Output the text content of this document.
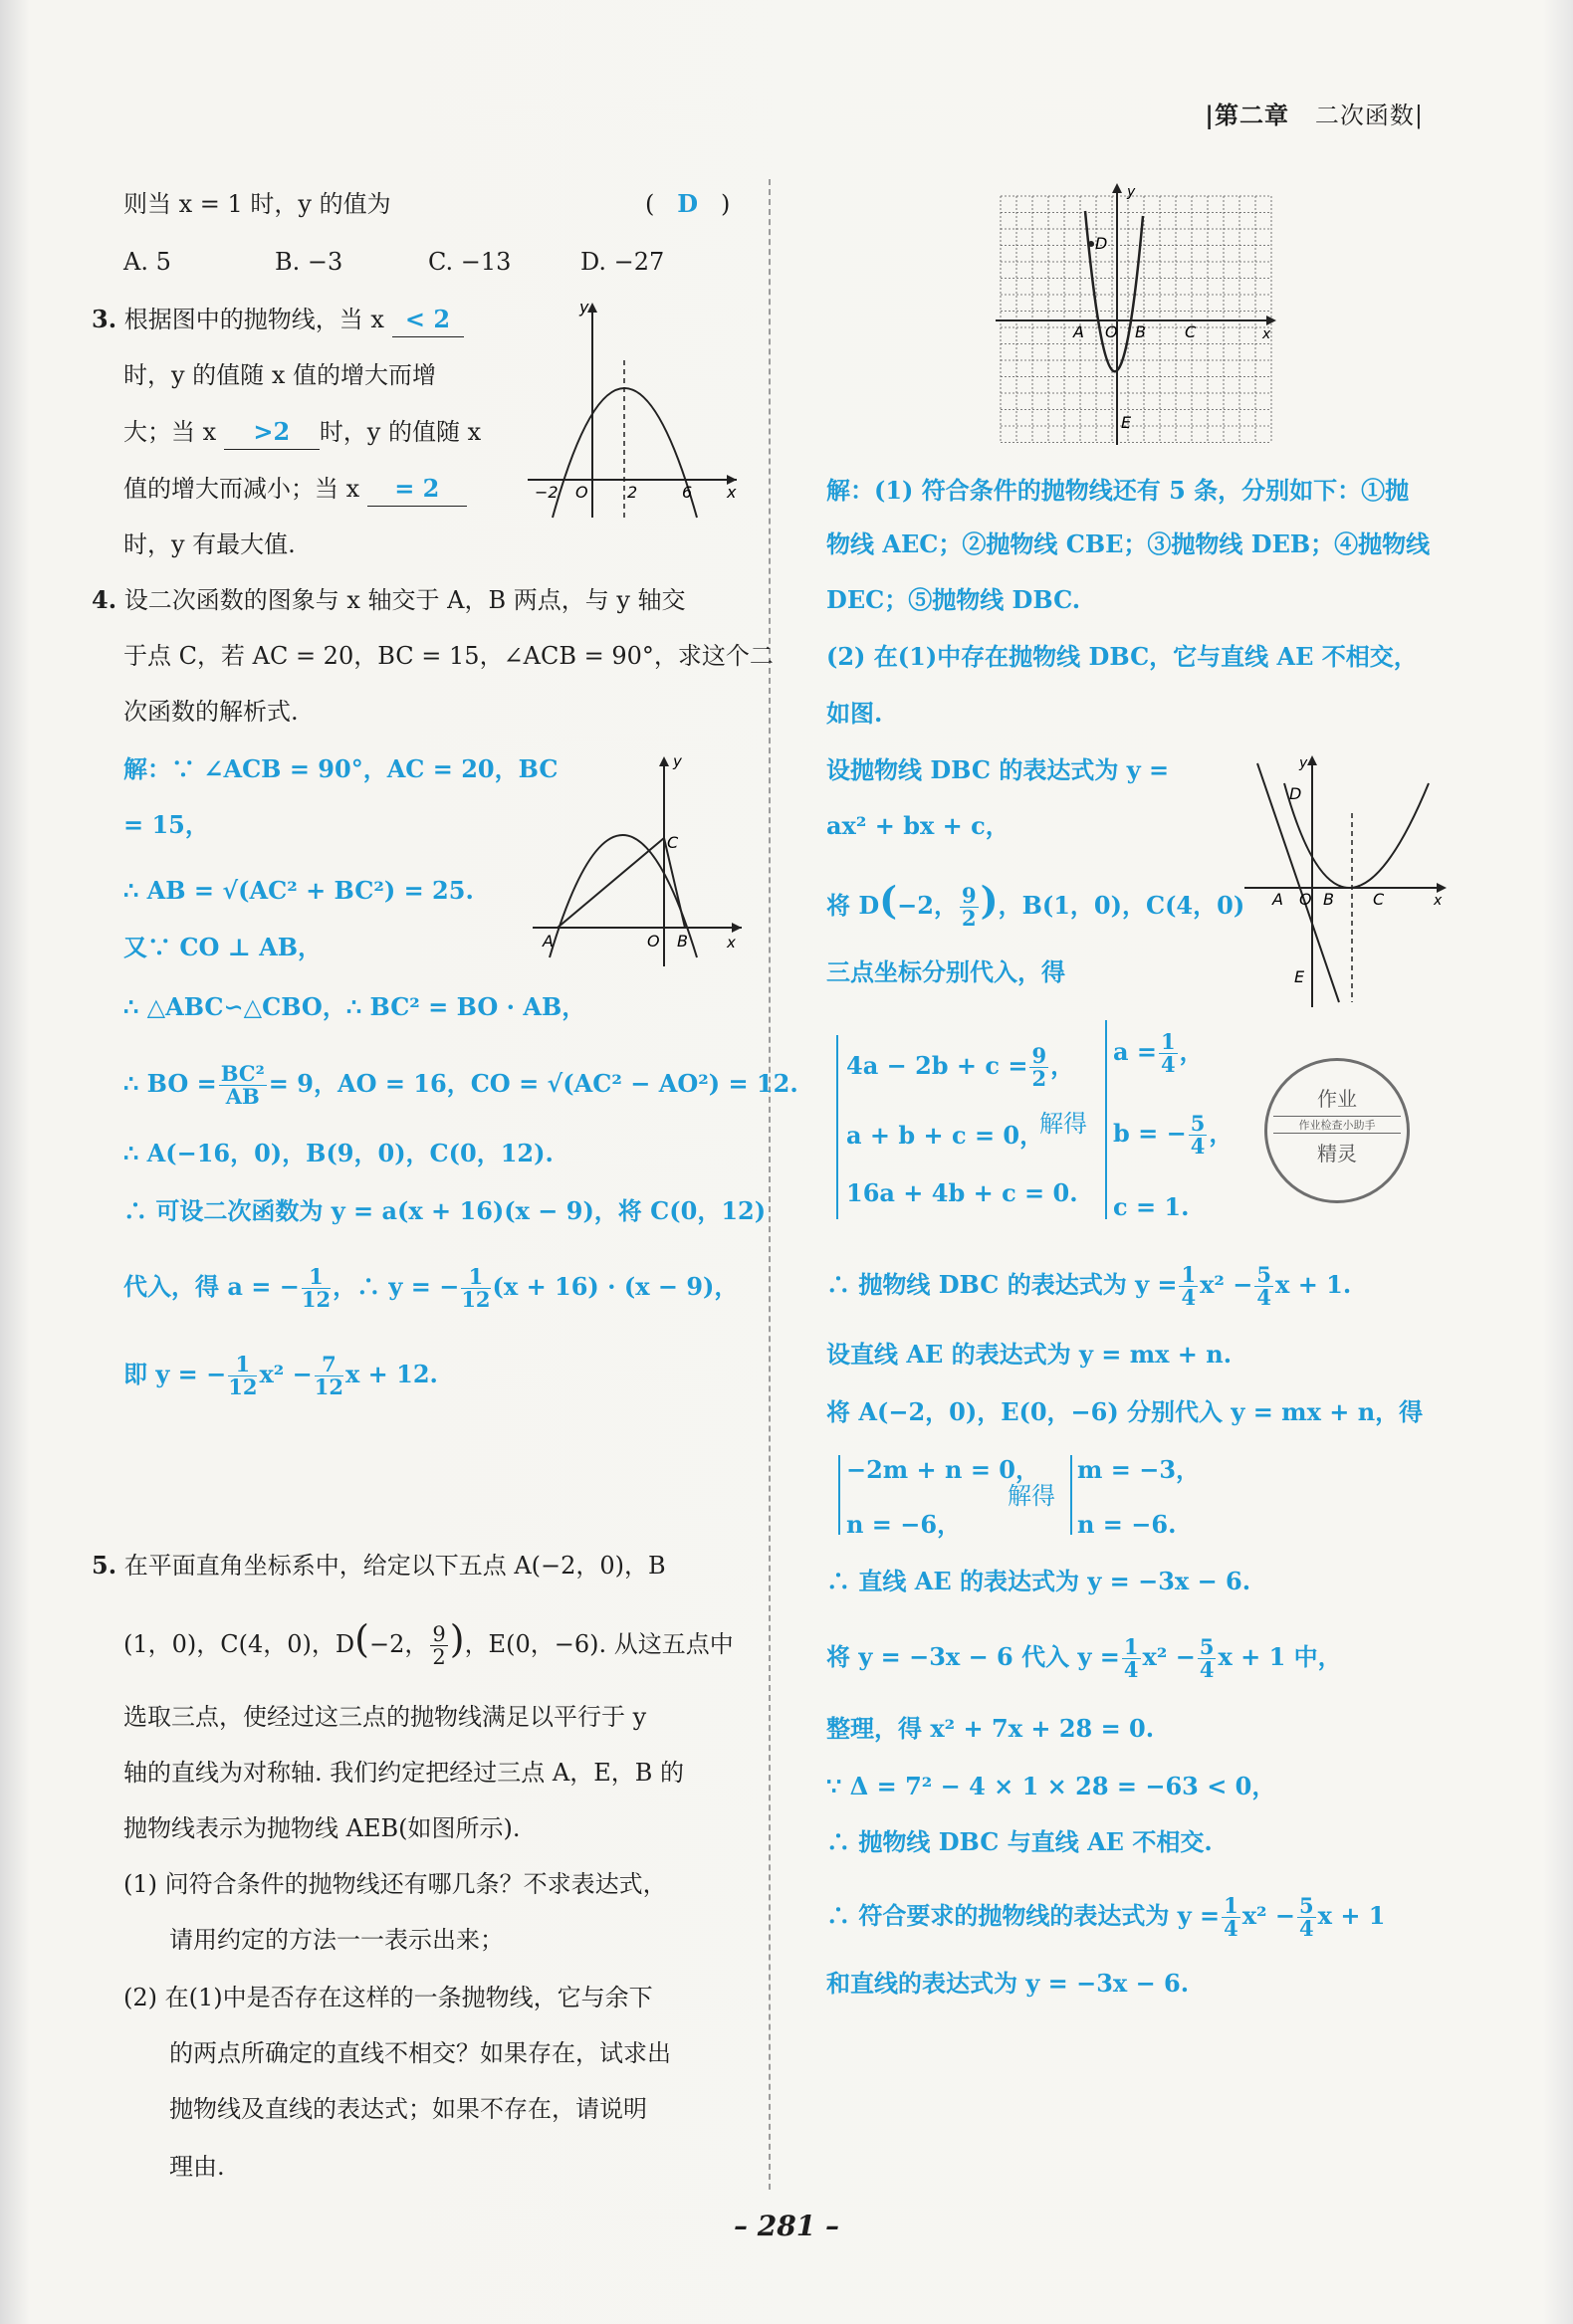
|第二章 二次函数|
则当 x = 1 时，y 的值为	( D )
A. 5	B. −3	C. −13	D. −27
3. 根据图中的抛物线，当 x < 2
时，y 的值随 x 值的增大而增
大；当 x >2 时，y 的值随 x
值的增大而减小；当 x = 2
时，y 有最大值.
y
x
−2 O 2	6
4. 设二次函数的图象与 x 轴交于 A，B 两点，与 y 轴交
于点 C，若 AC = 20，BC = 15，∠ACB = 90°，求这个二
次函数的解析式.
解：∵ ∠ACB = 90°，AC = 20，BC
= 15，
∴ AB = √(AC² + BC²) = 25.
又∵ CO ⊥ AB，
∴ △ABC∽△CBO，∴ BC² = BO · AB，
∴ BO = $\frac{\text{BC²}}{AB} = 9$，AO = 16，CO = √(AC² − AO²) = 12.
∴ A(−16，0)，B(9，0)，C(0，12).
∴ 可设二次函数为 y = a(x + 16)(x − 9)，将 C(0，12)
代入，得 a = − $\frac{1}{12}$ ，∴ y = − $\frac{1}{12} (x + 16) \cdot (x - 9)$，
即 y = − $\frac{1}{12} x^2 - \frac{7}{12}$ x + 12.
y
x
A	O B
C
5. 在平面直角坐标系中，给定以下五点 A(−2，0)，B
(1，0)，C(4，0)，D(−2， $\frac{9}{2}$ )，E(0，−6). 从这五点中
选取三点，使经过这三点的抛物线满足以平行于 y
轴的直线为对称轴. 我们约定把经过三点 A，E，B 的
抛物线表示为抛物线 AEB(如图所示).
(1) 问符合条件的抛物线还有哪几条？不求表达式，
请用约定的方法一一表示出来；
(2) 在(1)中是否存在这样的一条抛物线，它与余下
的两点所确定的直线不相交？如果存在，试求出
抛物线及直线的表达式；如果不存在，请说明
理由.
y
x
D
A O B C
E
解：(1) 符合条件的抛物线还有 5 条，分别如下：①抛
物线 AEC；②抛物线 CBE；③抛物线 DEB；④抛物线
DEC；⑤抛物线 DBC.
(2) 在(1)中存在抛物线 DBC，它与直线 AE 不相交，
如图.
设抛物线 DBC 的表达式为 y =
ax² + bx + c，
将 D(−2， $\frac{9}{2}$ )，B(1，0)，C(4，0)
三点坐标分别代入，得
y
x
D
A O B C
E
$4a - 2b + c = \frac{9}{2}$ ，
a + b + c = 0，
16a + 4b + c = 0.
解得
$a = \frac{1}{4}$ ，
b = − $\frac{5}{4}$ ，
c = 1.
作业
作业检查小助手
精灵
∴ 抛物线 DBC 的表达式为 $y = \frac{1}{4} x^2 - \frac{5}{4}$ x + 1.
设直线 AE 的表达式为 y = mx + n.
将 A(−2，0)，E(0，−6) 分别代入 y = mx + n，得
−2m + n = 0，
n = −6，
解得
m = −3，
n = −6.
∴ 直线 AE 的表达式为 y = −3x − 6.
将 y = −3x − 6 代入 $y = \frac{1}{4} x^2 - \frac{5}{4}$ x + 1 中，
整理，得 x² + 7x + 28 = 0.
∵ Δ = 7² − 4 × 1 × 28 = −63 < 0，
∴ 抛物线 DBC 与直线 AE 不相交.
∴ 符合要求的抛物线的表达式为 $y = \frac{1}{4} x^2 - \frac{5}{4}$ x + 1
和直线的表达式为 y = −3x − 6.
– 281 –
